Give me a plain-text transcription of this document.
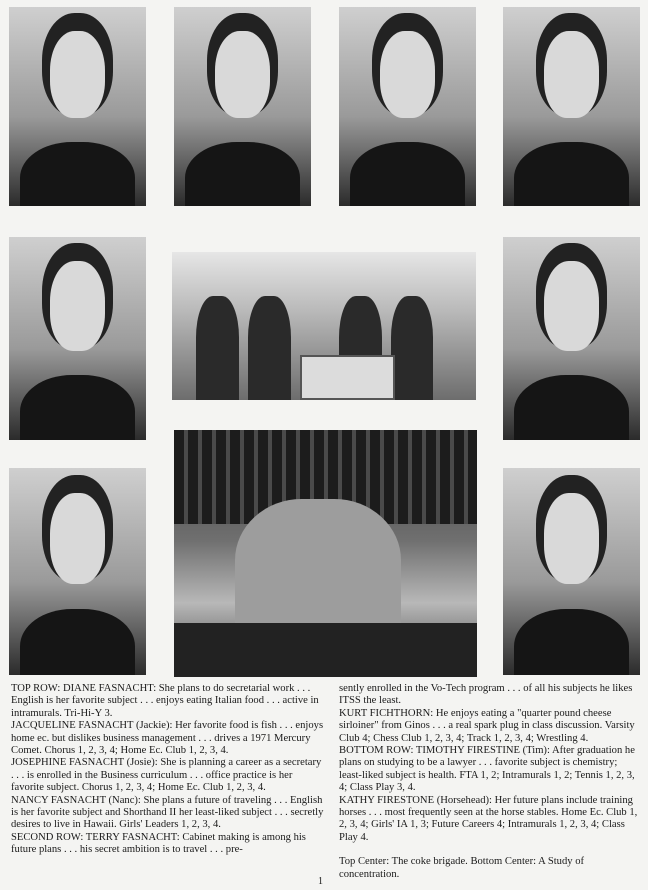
TOP ROW: DIANE FASNACHT: She plans to do secretarial work . . . English is her favorite subject . . . enjoys eating Italian food . . . active in intramurals. Tri-Hi-Y 3.

JACQUELINE FASNACHT (Jackie): Her favorite food is fish . . . enjoys home ec. but dislikes business management . . . drives a 1971 Mercury Comet. Chorus 1, 2, 3, 4; Home Ec. Club 1, 2, 3, 4.

JOSEPHINE FASNACHT (Josie): She is planning a career as a secretary . . . is enrolled in the Business curriculum . . . office practice is her favorite subject. Chorus 1, 2, 3, 4; Home Ec. Club 1, 2, 3, 4.

NANCY FASNACHT (Nanc): She plans a future of traveling . . . English is her favorite subject and Shorthand II her least-liked subject . . . secretly desires to live in Hawaii. Girls' Leaders 1, 2, 3, 4.

SECOND ROW: TERRY FASNACHT: Cabinet making is among his future plans . . . his secret ambition is to travel . . . pre-

sently enrolled in the Vo-Tech program . . . of all his subjects he likes ITSS the least.

KURT FICHTHORN: He enjoys eating a "quarter pound cheese sirloiner" from Ginos . . . a real spark plug in class discussion. Varsity Club 4; Chess Club 1, 2, 3, 4; Track 1, 2, 3, 4; Wrestling 4.

BOTTOM ROW: TIMOTHY FIRESTINE (Tim): After graduation he plans on studying to be a lawyer . . . favorite subject is chemistry; least-liked subject is health. FTA 1, 2; Intramurals 1, 2; Tennis 1, 2, 3, 4; Class Play 3, 4.

KATHY FIRESTONE (Horsehead): Her future plans include training horses . . . most frequently seen at the horse stables. Home Ec. Club 1, 2, 3, 4; Girls' IA 1, 3; Future Careers 4; Intramurals 1, 2, 3, 4; Class Play 4.

Top Center: The coke brigade. Bottom Center: A Study of concentration.

1
